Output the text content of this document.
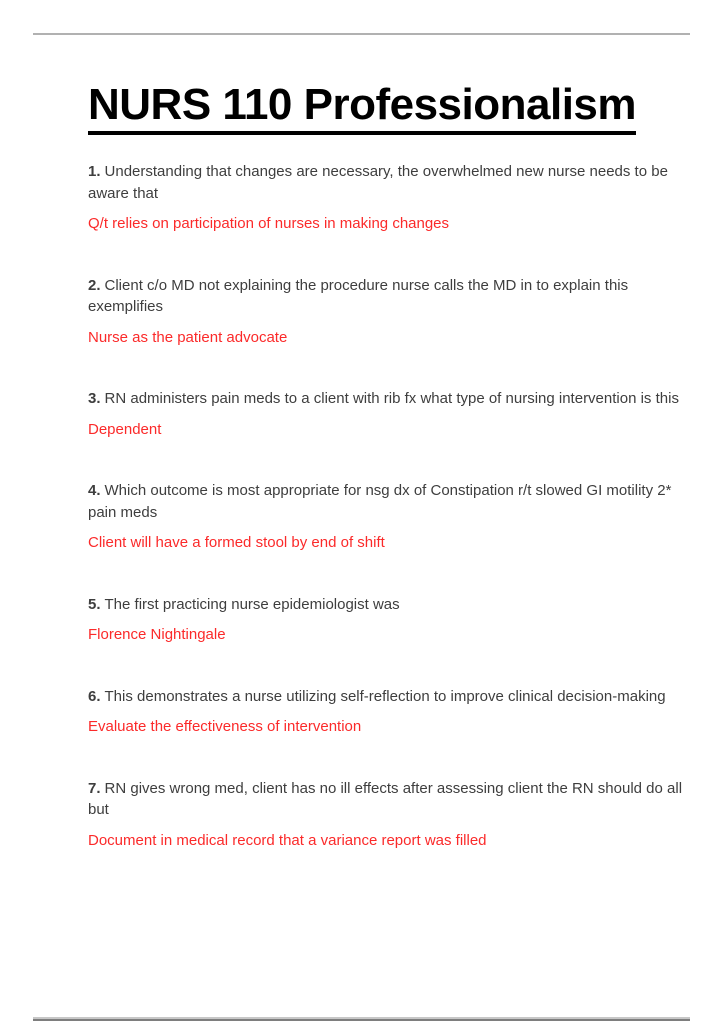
NURS 110 Professionalism

1. Understanding that changes are necessary, the overwhelmed new nurse needs to be aware that

Q/t relies on participation of nurses in making changes

2. Client c/o MD not explaining the procedure nurse calls the MD in to explain this exemplifies

Nurse as the patient advocate

3. RN administers pain meds to a client with rib fx what type of nursing intervention is this

Dependent

4. Which outcome is most appropriate for nsg dx of Constipation r/t slowed GI motility 2* pain meds

Client will have a formed stool by end of shift

5. The first practicing nurse epidemiologist was

Florence Nightingale

6. This demonstrates a nurse utilizing self-reflection to improve clinical decision-making

Evaluate the effectiveness of intervention

7. RN gives wrong med, client has no ill effects after assessing client the RN should do all but

Document in medical record that a variance report was filled
